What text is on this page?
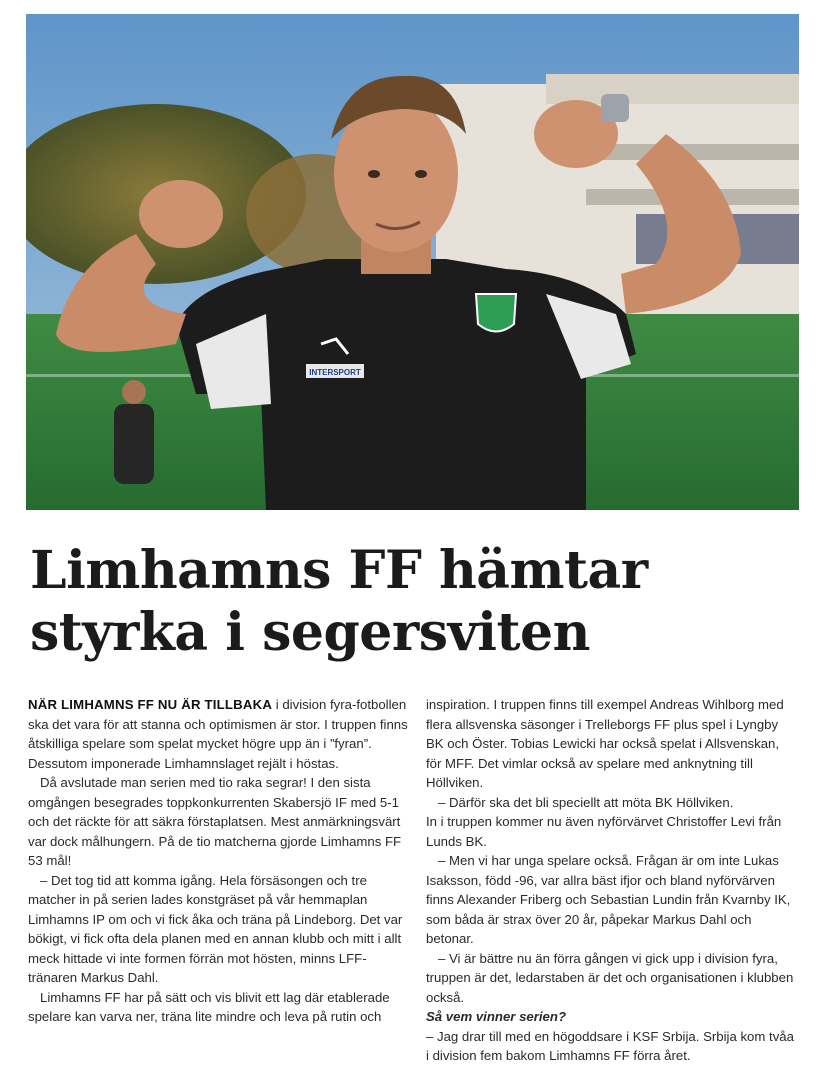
INTERSPORT
Limhamns FF hämtar
styrka i segersviten

NÄR LIMHAMNS FF NU ÄR TILLBAKA i division fyra-fotbollen ska det vara för att stanna och optimismen är stor. I truppen finns åtskilliga spelare som spelat mycket högre upp än i ”fyran”. Dessutom imponerade Limhamnslaget rejält i höstas.

Då avslutade man serien med tio raka segrar! I den sista omgången besegrades toppkonkurrenten Skabersjö IF med 5-1 och det räckte för att säkra förstaplatsen. Mest anmärkningsvärt var dock målhungern. På de tio matcherna gjorde Limhamns FF 53 mål!

– Det tog tid att komma igång. Hela försäsongen och tre matcher in på serien lades konstgräset på vår hemmaplan Limhamns IP om och vi fick åka och träna på Lindeborg. Det var bökigt, vi fick ofta dela planen med en annan klubb och mitt i allt meck hittade vi inte formen förrän mot hösten, minns LFF-tränaren Markus Dahl.

Limhamns FF har på sätt och vis blivit ett lag där etablerade spelare kan varva ner, träna lite mindre och leva på rutin och

inspiration. I truppen finns till exempel Andreas Wihlborg med flera allsvenska säsonger i Trelleborgs FF plus spel i Lyngby BK och Öster. Tobias Lewicki har också spelat i Allsvenskan, för MFF. Det vimlar också av spelare med anknytning till Höllviken.

– Därför ska det bli speciellt att möta BK Höllviken.

In i truppen kommer nu även nyförvärvet Christoffer Levi från Lunds BK.

– Men vi har unga spelare också. Frågan är om inte Lukas Isaksson, född -96, var allra bäst ifjor och bland nyförvärven finns Alexander Friberg och Sebastian Lundin från Kvarnby IK, som båda är strax över 20 år, påpekar Markus Dahl och betonar.

– Vi är bättre nu än förra gången vi gick upp i division fyra, truppen är det, ledarstaben är det och organisationen i klubben också.

Så vem vinner serien?

– Jag drar till med en högoddsare i KSF Srbija. Srbija kom tvåa i division fem bakom Limhamns FF förra året.
